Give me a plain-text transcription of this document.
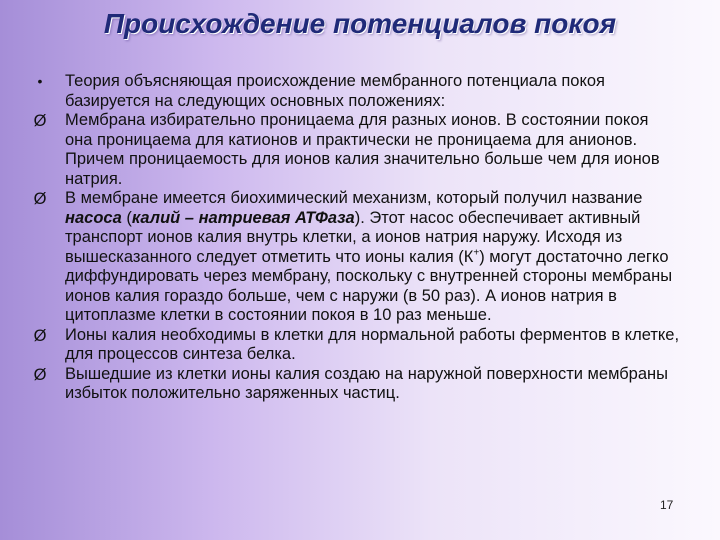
Происхождение потенциалов покоя
•	Теория объясняющая происхождение мембранного потенциала покоя базируется на следующих основных положениях:
Ø Мембрана избирательно проницаема для разных ионов. В состоянии покоя она проницаема для катионов и практически не проницаема для анионов. Причем проницаемость для ионов калия значительно больше чем для ионов натрия.
Ø В мембране имеется биохимический механизм, который получил название насоса (калий – натриевая АТФаза). Этот насос обеспечивает активный транспорт ионов калия внутрь клетки, а ионов натрия наружу. Исходя из вышесказанного следует отметить что ионы калия (К+) могут достаточно легко диффундировать через мембрану, поскольку с внутренней стороны мембраны ионов калия гораздо больше, чем с наружи (в 50 раз). А ионов натрия в цитоплазме клетки в состоянии покоя в 10 раз меньше.
Ø Ионы калия необходимы в клетки для нормальной работы ферментов в клетке, для процессов синтеза белка.
Ø Вышедшие из клетки ионы калия создаю на наружной поверхности мембраны избыток положительно заряженных частиц.
17
